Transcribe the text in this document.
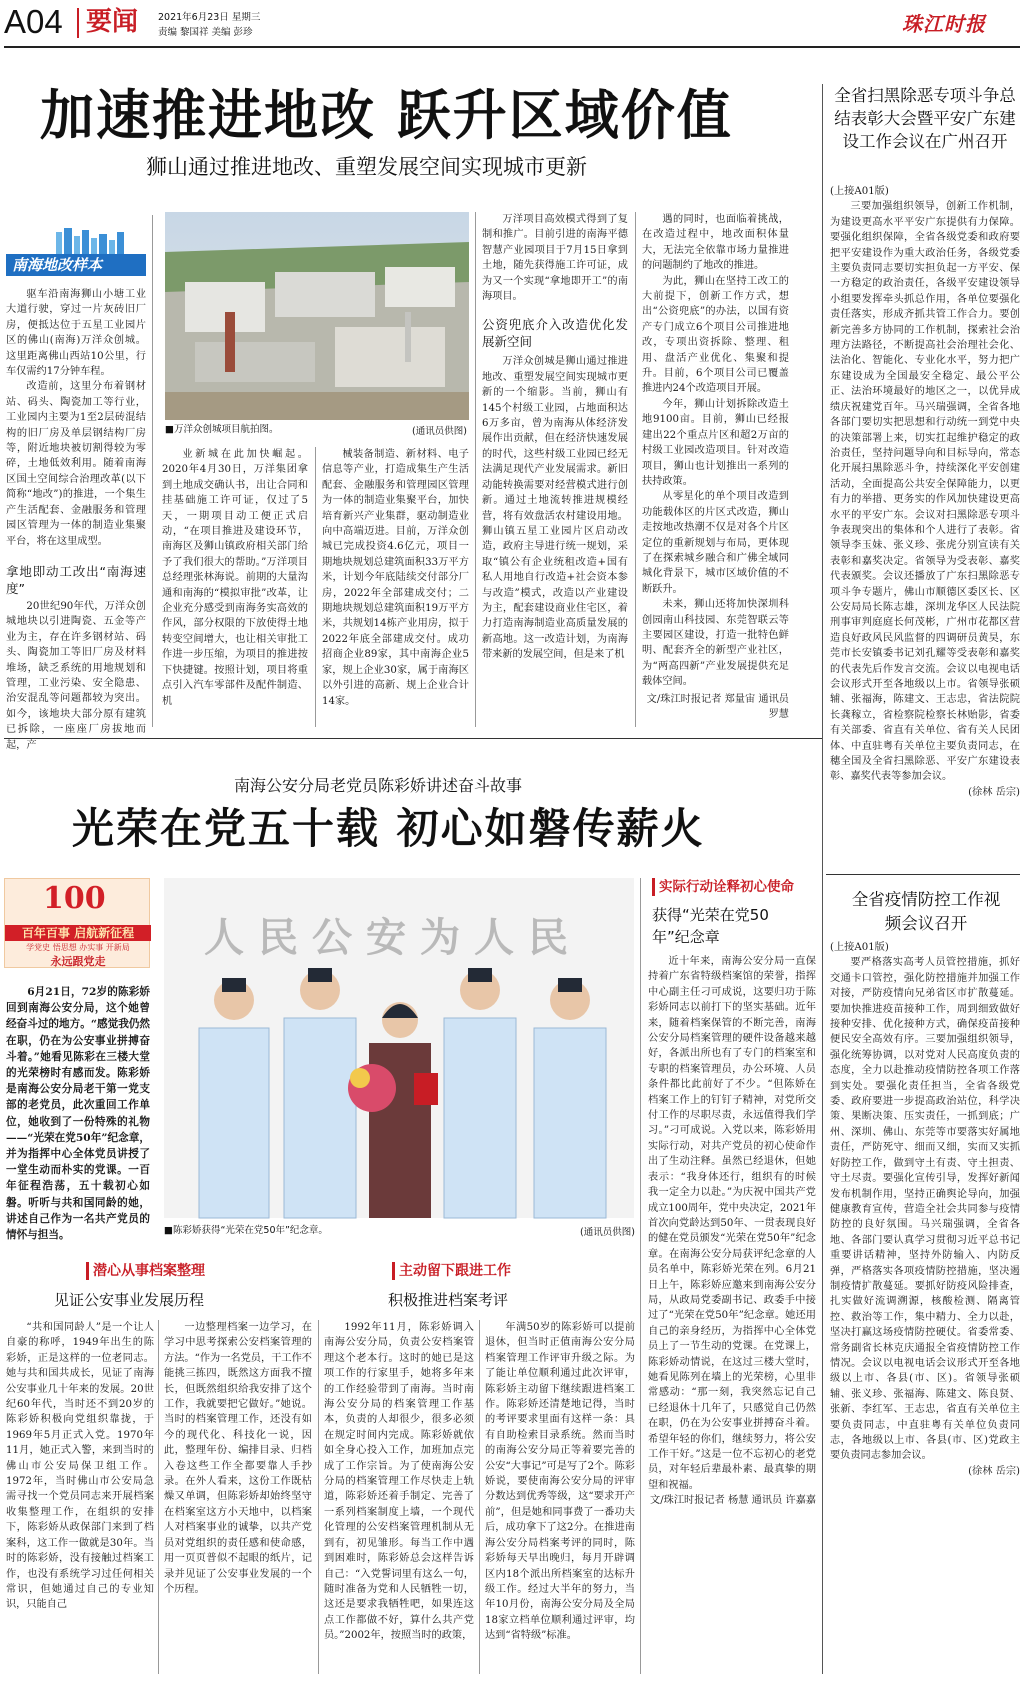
A04 要闻 2021年6月23日 星期三
责编 黎国祥 美编 彭珍	珠江时报
加速推进地改 跃升区域价值
狮山通过推进地改、重塑发展空间实现城市更新
南海地改样本

驱车沿南海狮山小塘工业大道行驶，穿过一片灰砖旧厂房，便抵达位于五星工业园片区的佛山(南海)万洋众创城。这里距离佛山西站10公里，行车仅需约17分钟车程。

改造前，这里分布着钢材站、码头、陶瓷加工等行业，工业园内主要为1至2层砖混结构的旧厂房及单层钢结构厂房等，附近地块被切割得较为零碎，土地低效利用。随着南海区国土空间综合治理改革(以下简称“地改”)的推进，一个集生产生活配套、金融服务和管理园区管理为一体的制造业集聚平台，将在这里成型。

拿地即动工改出“南海速度”

20世纪90年代，万洋众创城地块以引进陶瓷、五金等产业为主，存在许多钢材站、码头、陶瓷加工等旧厂房及材料堆场，缺乏系统的用地规划和管理，工业污染、安全隐患、治安混乱等问题都较为突出。如今，该地块大部分原有建筑已拆除，一座座厂房拔地而起，产

■万洋众创城项目航拍图。	(通讯员供图)

业新城在此加快崛起。2020年4月30日，万洋集团拿到土地成交确认书，出让合同和挂基础施工许可证，仅过了5天，一期项目动工便正式启动，“在项目推进及建设环节，南海区及狮山镇政府相关部门给予了我们很大的帮助。”万洋项目总经理张林海说。前期的大量沟通和南海的“模拟审批”改革，让企业充分感受到南海务实高效的作风，部分权限的下放使得土地转变空间增大，也让相关审批工作进一步压缩，为项目的推进按下快捷键。按照计划，项目将重点引入汽车零部件及配件制造、机

械装备制造、新材料、电子信息等产业，打造成集生产生活配套、金融服务和管理园区管理为一体的制造业集聚平台，加快培育新兴产业集群，驱动制造业向中高端迈进。目前，万洋众创城已完成投资4.6亿元，项目一期地块规划总建筑面积33万平方米，计划今年底陆续交付部分厂房，2022年全部建成交付；二期地块规划总建筑面积19万平方米，共规划14栋产业用房，拟于2022年底全部建成交付。成功招商企业89家，其中南海企业5家，规上企业30家，属于南海区以外引进的高新、规上企业合计14家。

万洋项目高效模式得到了复制和推广。目前引进的南海平德智慧产业园项目于7月15日拿到土地，随先获得施工许可证，成为又一个实现“拿地即开工”的南海项目。

公资兜底介入改造优化发展新空间

万洋众创城是狮山通过推进地改、重塑发展空间实现城市更新的一个缩影。当前，狮山有145个村级工业园，占地面积达6万多亩，曾为南海从体经济发展作出贡献，但在经济快速发展的时代，这些村级工业园已经无法满足现代产业发展需求。新旧动能转换需要对经营模式进行创新。通过土地流转推进规模经营，将有效盘活农村建设用地。狮山镇五星工业园片区启动改造，政府主导进行统一规划，采取“镇公有企业统租改造+国有私人用地自行改造+社会资本参与改造”模式，改造以产业建设为主，配套建设商业住宅区，着力打造南海制造业高质量发展的新高地。这一改造计划，为南海带来新的发展空间，但是来了机

遇的同时，也面临着挑战，在改造过程中，地改面积体量大，无法完全依靠市场力量推进的问题制约了地改的推进。

为此，狮山在坚持工改工的大前提下，创新工作方式，想出“公资兜底”的办法，以国有资产专门成立6个项目公司推进地改，专项出资拆除、整理、租用、盘活产业优化、集聚和提升。目前，6个项目公司已覆盖推进内24个改造项目开展。

今年，狮山计划拆除改造土地9100亩。目前，狮山已经报建出22个重点片区和超2万亩的村级工业园改造项目。针对改造项目，狮山也计划推出一系列的扶持政策。

从零星化的单个项目改造到功能载体区的片区式改造，狮山走按地改热潮不仅是对各个片区定位的重新规划与布局，更体现了在探索城乡融合和广佛全域同城化背景下，城市区域价值的不断跃升。

未来，狮山还将加快深圳科创园南山科技园、东莞智联云等主要园区建设，打造一批特色鲜明、配套齐全的新型产业社区，为“两高四新”产业发展提供充足载体空间。

文/珠江时报记者 郑量宙 通讯员 罗慧
全省扫黑除恶专项斗争总结表彰大会暨平安广东建设工作会议在广州召开
(上接A01版)

三要加强组织领导，创新工作机制，为建设更高水平平安广东提供有力保障。要强化组织保障，全省各级党委和政府要把平安建设作为重大政治任务，各级党委主要负责同志要切实担负起一方平安、保一方稳定的政治责任，各级平安建设领导小组要发挥牵头抓总作用，各单位要强化责任落实，形成齐抓共管工作合力。要创新完善多方协同的工作机制，探索社会治理方法路径，不断提高社会治理社会化、法治化、智能化、专业化水平，努力把广东建设成为全国最安全稳定、最公平公正、法治环境最好的地区之一，以优异成绩庆祝建党百年。马兴瑞强调，全省各地各部门要切实把思想和行动统一到党中央的决策部署上来，切实扛起维护稳定的政治责任，坚持问题导向和目标导向，常态化开展扫黑除恶斗争，持续深化平安创建活动，全面提高公共安全保障能力，以更有力的举措、更务实的作风加快建设更高水平的平安广东。会议对扫黑除恶专项斗争表现突出的集体和个人进行了表彰。省领导李玉妹、张义珍、张虎分别宣读有关表彰和嘉奖决定。省领导为受表彰、嘉奖代表颁奖。会议还播放了广东扫黑除恶专项斗争专题片，佛山市顺德区委区长、区公安局局长陈志雄，深圳龙华区人民法院刑事审判庭庭长何茂彬，广州市花都区营造良好政风民风监督的四调研员黄昊，东莞市长安镇委书记刘孔耀等受表彰和嘉奖的代表先后作发言交流。会议以电视电话会议形式开至各地级以上市。省领导张硕辅、张福海，陈建文、王志忠，省法院院长龚稼立，省检察院检察长林贻影，省委有关部委、省直有关单位、省有关人民团体、中直驻粤有关单位主要负责同志，在穗全国及全省扫黑除恶、平安广东建设表彰、嘉奖代表等参加会议。

(徐林 岳宗)
南海公安分局老党员陈彩娇讲述奋斗故事
光荣在党五十载 初心如磐传薪火
100
百年百事 启航新征程
学党史 悟思想 办实事 开新局
永远跟党走

6月21日，72岁的陈彩娇回到南海公安分局，这个她曾经奋斗过的地方。“感觉我仍然在职，仍在为公安事业拼搏奋斗着。”她看见陈彩在三楼大堂的光荣榜时有感而发。陈彩娇是南海公安分局老干第一党支部的老党员，此次重回工作单位，她收到了一份特殊的礼物——“光荣在党50年”纪念章，并为指挥中心全体党员讲授了一堂生动而朴实的党课。一百年征程浩荡，五十载初心如磐。听听与共和国同龄的她，讲述自己作为一名共产党员的情怀与担当。

人民公安为人民
■陈彩娇获得“光荣在党50年”纪念章。	(通讯员供图)
实际行动诠释初心使命
获得“光荣在党50年”纪念章

近十年来，南海公安分局一直保持着广东省特级档案馆的荣誉，指挥中心副主任刁可成说，这要归功于陈彩娇同志以前打下的坚实基础。近年来，随着档案保管的不断完善，南海公安分局档案管理的硬件设备越来越好，各派出所也有了专门的档案室和专职的档案管理员，办公环境、人员条件都比此前好了不少。“但陈娇在档案工作上的钉钉子精神，对党所交付工作的尽职尽责，永远值得我们学习。”刁可成说。入党以来，陈彩娇用实际行动，对共产党员的初心使命作出了生动注释。虽然已经退休，但她表示：“我身体还行，组织有的时候我一定全力以赴。”为庆祝中国共产党成立100周年，党中央决定，2021年首次向党龄达到50年、一贯表现良好的健在党员颁发“光荣在党50年”纪念章。在南海公安分局获评纪念章的人员名单中，陈彩娇光荣在列。6月21日上午，陈彩娇应邀来到南海公安分局，从政局党委副书记、政委手中接过了“光荣在党50年”纪念章。她还用自己的亲身经历，为指挥中心全体党员上了一节生动的党课。在党课上，陈彩娇动情说，在这过三楼大堂时，她看见陈列在墙上的光荣榜，心里非常感动：“那一刻，我突然忘记自己已经退休十几年了，只感觉自己仍然在职，仍在为公安事业拼搏奋斗着。希望年轻的你们，继续努力，将公安工作干好。”这是一位不忘初心的老党员，对年轻后辈最朴素、最真挚的期望和祝福。

文/珠江时报记者 杨慧 通讯员 许嘉嘉
潜心从事档案整理
见证公安事业发展历程
主动留下跟进工作
积极推进档案考评

“共和国同龄人”是一个让人自豪的称呼，1949年出生的陈彩娇，正是这样的一位老同志。她与共和国共成长，见证了南海公安事业几十年来的发展。20世纪60年代，当时还不到20岁的陈彩娇积极向党组织靠拢，于1969年5月正式入党。1970年11月，她正式入警，来到当时的佛山市公安局保卫组工作。1972年，当时佛山市公安局急需寻找一个党员同志来开展档案收集整理工作，在组织的安排下，陈彩娇从政保部门来到了档案科，这工作一做就是30年。当时的陈彩娇，没有接触过档案工作，也没有系统学习过任何相关常识，但她通过自己的专业知识，只能自己

一边整理档案一边学习，在学习中思考探索公安档案管理的方法。“作为一名党员，干工作不能挑三拣四，既然这方面我不擅长，但既然组织给我安排了这个工作，我就要把它做好。”她说。当时的档案管理工作，还没有如今的现代化、科技化一说，因此，整理年份、编排目录、归档入卷这些工作全都要靠人手抄录。在外人看来，这份工作既枯燥又单调，但陈彩娇却始终坚守在档案室这方小天地中，以档案人对档案事业的诚挚，以共产党员对党组织的责任感和使命感，用一页页普似不起眼的纸片，记录并见证了公安事业发展的一个个历程。

1992年11月，陈彩娇调入南海公安分局，负责公安档案管理这个老本行。这时的她已是这项工作的行家里手，她将多年来的工作经验带到了南海。当时南海公安分局的档案管理工作基本，负责的人却很少，很多必须在规定时间内完成。陈彩娇就依如全身心投入工作，加班加点完成了工作宗旨。为了使南海公安分局的档案管理工作尽快走上轨道，陈彩娇还着手制定、完善了一系列档案制度上墙，一个现代化管理的公安档案管理机制从无到有，初见雏形。每当工作中遇到困难时，陈彩娇总会这样告诉自己：“入党誓词里有这么一句，随时准备为党和人民牺牲一切，这还是要求我牺牲吧，如果连这点工作都做不好，算什么共产党员。”2002年，按照当时的政策，

年满50岁的陈彩娇可以提前退休，但当时正值南海公安分局档案管理工作评审升级之际。为了能让单位顺利通过此次评审，陈彩娇主动留下继续跟进档案工作。陈彩娇还清楚地记得，当时的考评要求里面有这样一条：具有自助检索目录系统。然而当时的南海公安分局正等着要完善的公安“大事记”可是写了2个。陈彩娇说，要使南海公安分局的评审分数达到优秀等级，这“要求开产前”，但是她和同事费了一番功夫后，成功拿下了这2分。在推进南海公安分局档案考评的同时，陈彩娇每天早出晚归，每月开辟调区内18个派出所档案室的达标升级工作。经过大半年的努力，当年10月份，南海公安分局及全局18家立档单位顺利通过评审，均达到“省特级”标准。

全省疫情防控工作视频会议召开
(上接A01版)

要严格落实高考人员管控措施，抓好交通卡口管控，强化防控措施并加强工作对接，严防疫情向兄弟省区市扩散蔓延。要加快推进疫苗接种工作，周到细致做好接种安排、优化接种方式，确保疫苗接种便民安全高效有序。三要加强组织领导，强化统筹协调，以对党对人民高度负责的态度，全力以赴推动疫情防控各项工作落到实处。要强化责任担当，全省各级党委、政府要进一步提高政治站位，科学决策、果断决策、压实责任，一抓到底；广州、深圳、佛山、东莞等市要落实好属地责任，严防死守、细而又细，实而又实抓好防控工作，做到守土有责、守土担责、守土尽责。要强化宣传引导，发挥好新闻发布机制作用，坚持正确舆论导向，加强健康教育宣传，营造全社会共同参与疫情防控的良好氛围。马兴瑞强调，全省各地、各部门要认真学习贯彻习近平总书记重要讲话精神，坚持外防输入、内防反弹，严格落实各项疫情防控措施，坚决遏制疫情扩散蔓延。要抓好防疫风险排查，扎实做好流调溯源，核酸检测、隔离管控、救治等工作，集中精力、全力以赴，坚决打赢这场疫情防控硬仗。省委常委、常务副省长林克庆通报全省疫情防控工作情况。会议以电视电话会议形式开至各地级以上市、各县(市、区)。省领导张硕辅、张义珍、张福海、陈建文、陈良贤、张新、李红军、王志忠，省直有关单位主要负责同志，中直驻粤有关单位负责同志，各地级以上市、各县(市、区)党政主要负责同志参加会议。

(徐林 岳宗)
